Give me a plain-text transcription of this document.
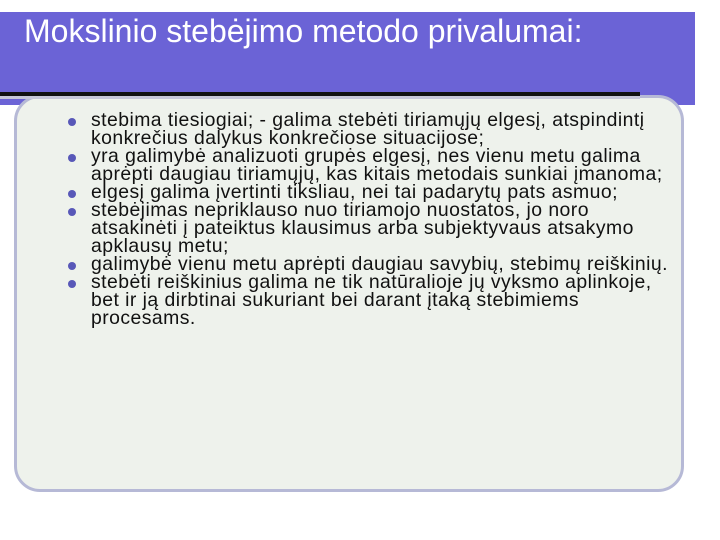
Mokslinio stebėjimo metodo privalumai:
stebima tiesiogiai; - galima stebėti tiriamųjų elgesį, atspindintį konkrečius dalykus konkrečiose situacijose;
yra galimybė analizuoti grupės elgesį, nes vienu metu galima aprėpti daugiau tiriamųjų, kas kitais metodais sunkiai įmanoma;
elgesį galima įvertinti tiksliau, nei tai padarytų pats asmuo;
stebėjimas nepriklauso nuo tiriamojo nuostatos, jo noro atsakinėti į pateiktus klausimus arba subjektyvaus atsakymo apklausų metu;
galimybė vienu metu aprėpti daugiau savybių, stebimų reiškinių.
stebėti reiškinius galima ne tik natūralioje jų vyksmo aplinkoje, bet ir ją dirbtinai sukuriant bei darant įtaką stebimiems procesams.
